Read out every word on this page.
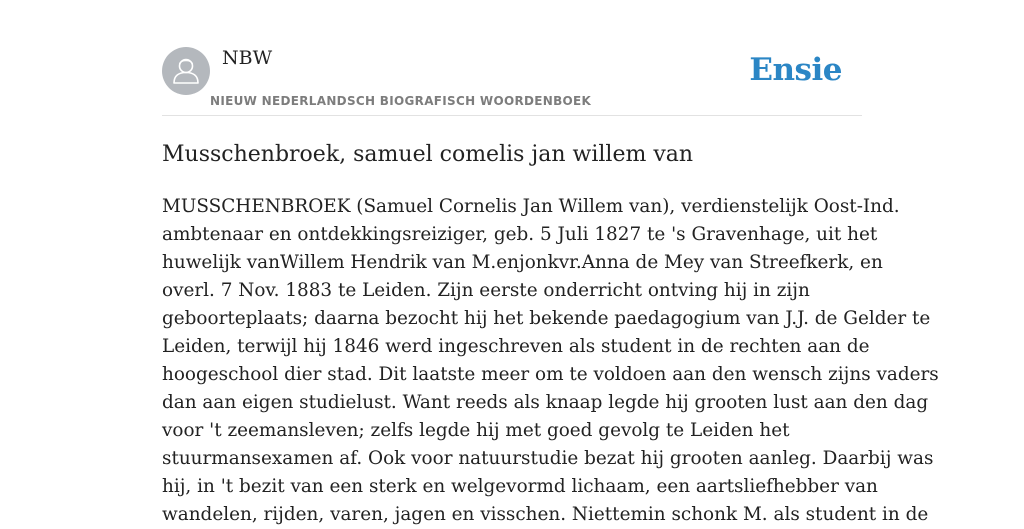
NBW
NIEUW NEDERLANDSCH BIOGRAFISCH WOORDENBOEK
Ensie
Musschenbroek, samuel comelis jan willem van
MUSSCHENBROEK (Samuel Cornelis Jan Willem van), verdienstelijk Oost-Ind.
ambtenaar en ontdekkingsreiziger, geb. 5 Juli 1827 te 's Gravenhage, uit het
huwelijk vanWillem Hendrik van M.enjonkvr.Anna de Mey van Streefkerk, en
overl. 7 Nov. 1883 te Leiden. Zijn eerste onderricht ontving hij in zijn
geboorteplaats; daarna bezocht hij het bekende paedagogium van J.J. de Gelder te
Leiden, terwijl hij 1846 werd ingeschreven als student in de rechten aan de
hoogeschool dier stad. Dit laatste meer om te voldoen aan den wensch zijns vaders
dan aan eigen studielust. Want reeds als knaap legde hij grooten lust aan den dag
voor 't zeemansleven; zelfs legde hij met goed gevolg te Leiden het
stuurmansexamen af. Ook voor natuurstudie bezat hij grooten aanleg. Daarbij was
hij, in 't bezit van een sterk en welgevormd lichaam, een aartsliefhebber van
wandelen, rijden, varen, jagen en visschen. Niettemin schonk M. als student in de
